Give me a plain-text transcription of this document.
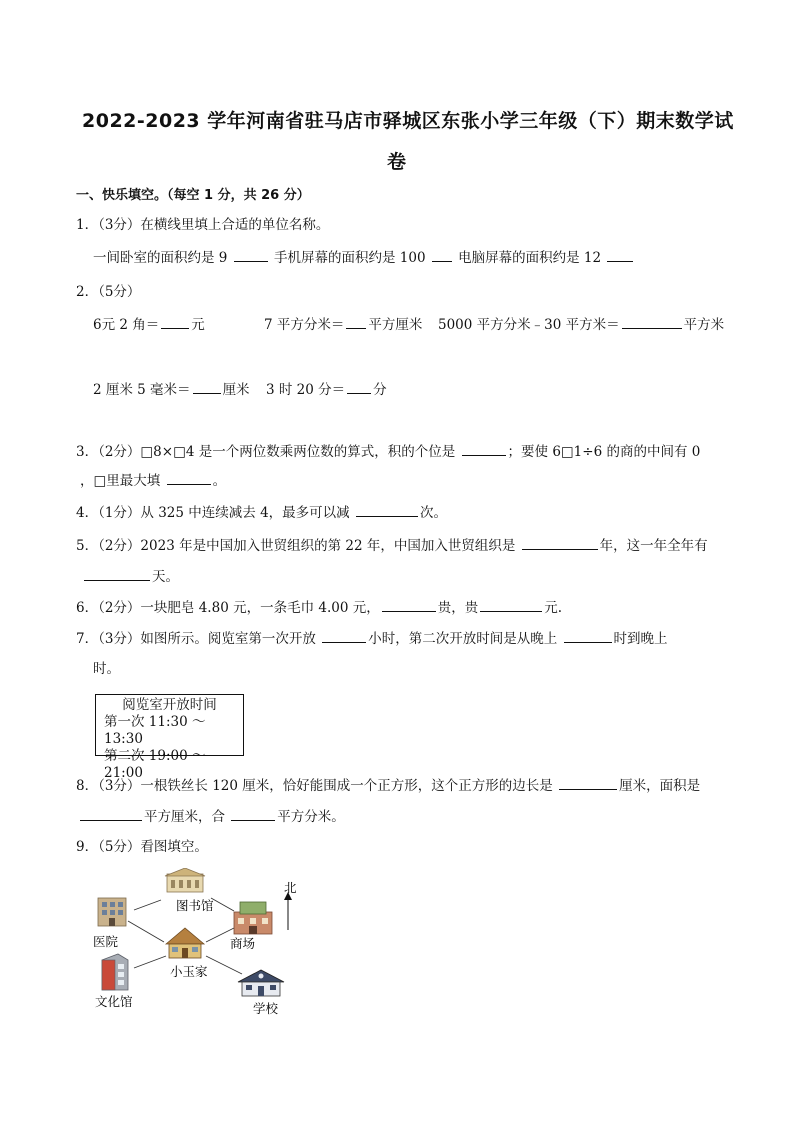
2022-2023 学年河南省驻马店市驿城区东张小学三年级（下）期末数学试
卷
一、快乐填空。（每空 1 分，共 26 分）
1．（3分）在横线里填上合适的单位名称。
一间卧室的面积约是 9	手机屏幕的面积约是 100 电脑屏幕的面积约是 12
2．（5分）
6元 2 角＝ 元	7 平方分米＝ 平方厘米 5000 平方分米﹣30 平方米＝	平方米
2 厘米 5 毫米＝ 厘米 3 时 20 分＝ 分
3．（2分）□8×□4 是一个两位数乘两位数的算式，积的个位是	；要使 6□1÷6 的商的中间有 0
，□里最大填	。
4．（1分）从 325 中连续减去 4，最多可以减	次。
5．（2分）2023 年是中国加入世贸组织的第 22 年，中国加入世贸组织是	年，这一年全年有
天。
6．（2分）一块肥皂 4.80 元，一条毛巾 4.00 元，	贵，贵	元.
7．（3分）如图所示。阅览室第一次开放	小时，第二次开放时间是从晚上	时到晚上
时。
阅览室开放时间
第一次 11:30 ～13:30
第二次 19:00 ～21:00
8．（3分）一根铁丝长 120 厘米，恰好能围成一个正方形，这个正方形的边长是	厘米，面积是
平方厘米，合	平方分米。
9．（5分）看图填空。
图书馆
医院
小玉家
商场
文化馆	学校
北
